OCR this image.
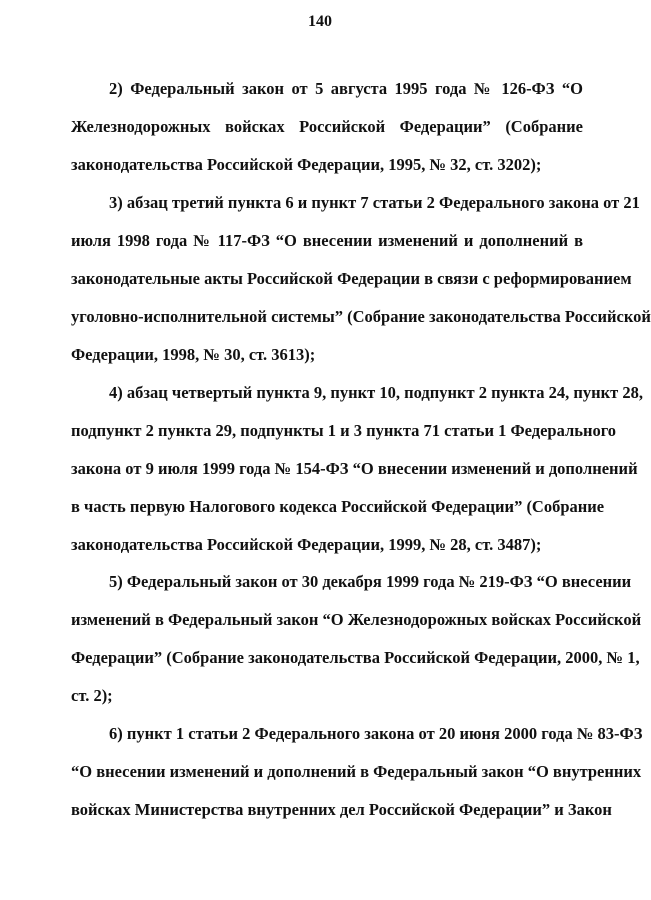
140
2) Федеральный закон от 5 августа 1995 года № 126-ФЗ “О
Железнодорожных войсках Российской Федерации” (Собрание
законодательства Российской Федерации, 1995, № 32, ст. 3202);
3) абзац третий пункта 6 и пункт 7 статьи 2 Федерального закона от 21
июля 1998 года № 117-ФЗ “О внесении изменений и дополнений в
законодательные акты Российской Федерации в связи с реформированием
уголовно-исполнительной системы” (Собрание законодательства Российской
Федерации, 1998, № 30, ст. 3613);
4) абзац четвертый пункта 9, пункт 10, подпункт 2 пункта 24, пункт 28,
подпункт 2 пункта 29, подпункты 1 и 3 пункта 71 статьи 1 Федерального
закона от 9 июля 1999 года № 154-ФЗ “О внесении изменений и дополнений
в часть первую Налогового кодекса Российской Федерации” (Собрание
законодательства Российской Федерации, 1999, № 28, ст. 3487);
5) Федеральный закон от 30 декабря 1999 года № 219-ФЗ “О внесении
изменений в Федеральный закон “О Железнодорожных войсках Российской
Федерации” (Собрание законодательства Российской Федерации, 2000, № 1,
ст. 2);
6) пункт 1 статьи 2 Федерального закона от 20 июня 2000 года № 83-ФЗ
“О внесении изменений и дополнений в Федеральный закон “О внутренних
войсках Министерства внутренних дел Российской Федерации” и Закон
